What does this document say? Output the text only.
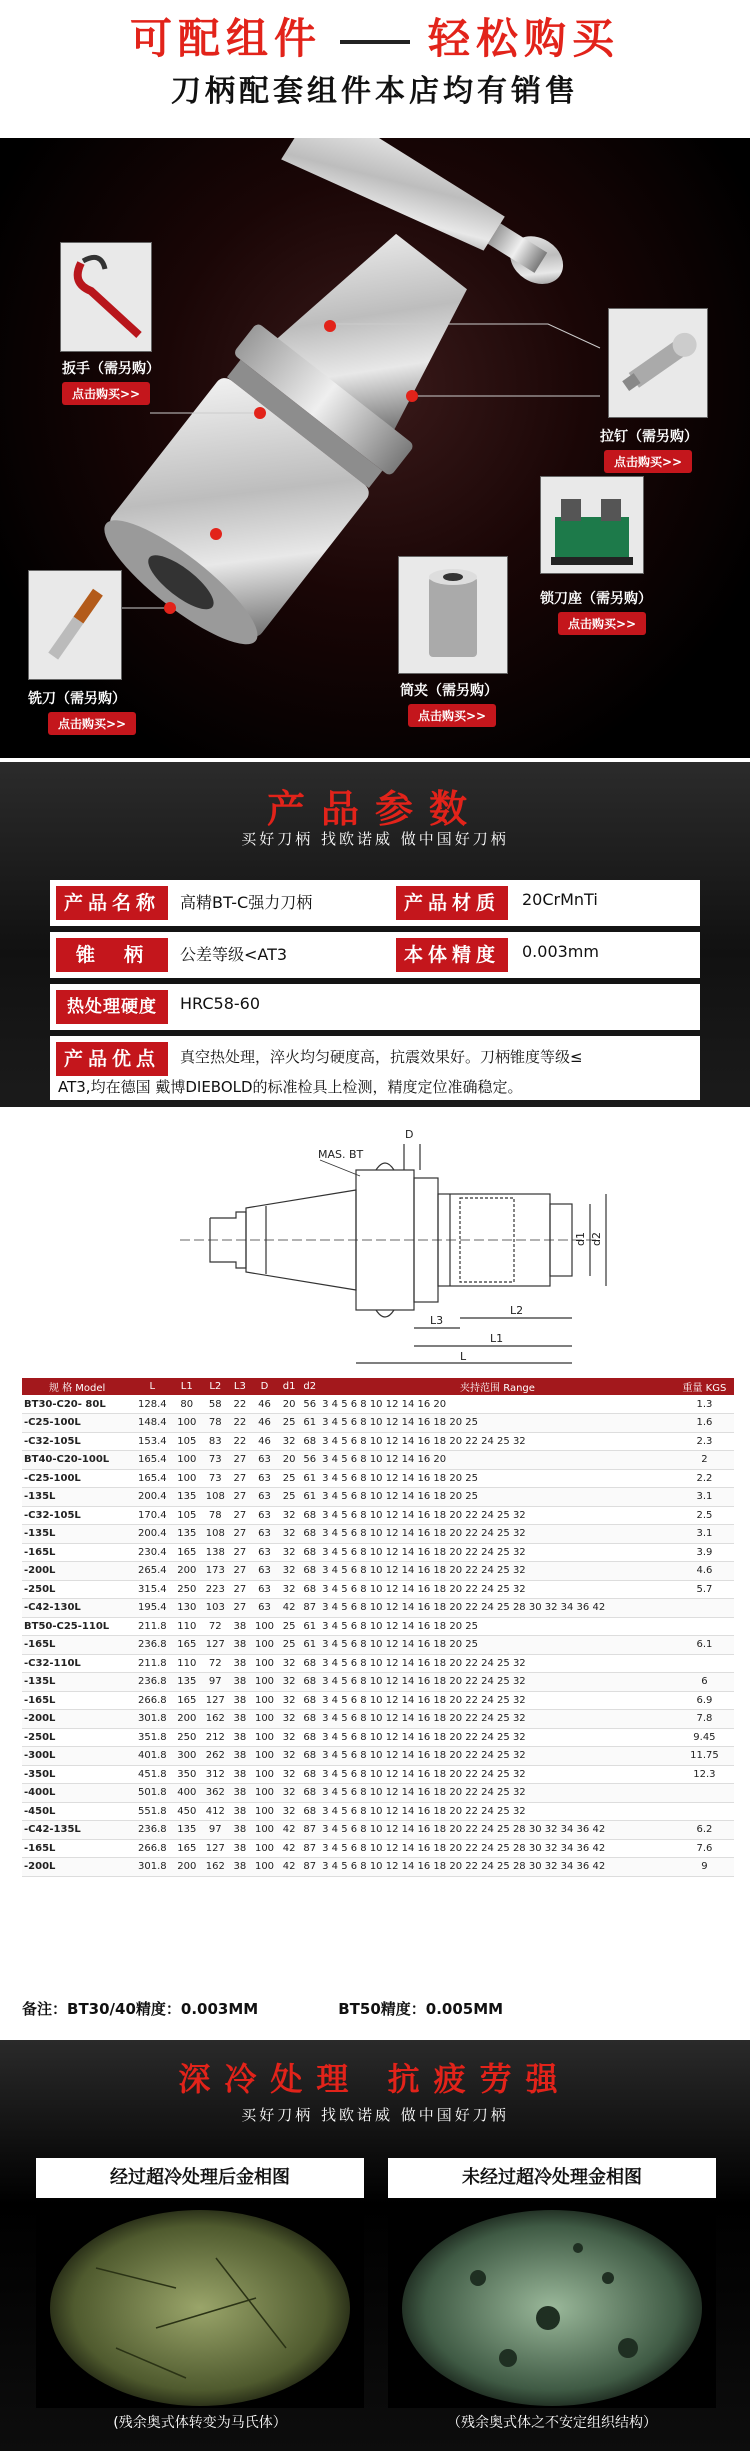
可配组件	轻松购买
刀柄配套组件本店均有销售
扳手（需另购）
点击购买>>
拉钉（需另购）
点击购买>>
锁刀座（需另购）
点击购买>>
铣刀（需另购）
点击购买>>
筒夹（需另购）
点击购买>>
产品参数
买好刀柄 找欧诺威 做中国好刀柄
产品名称	高精BT-C强力刀柄	产品材质	20CrMnTi
锥　柄	公差等级<AT3	本体精度	0.003mm
热处理硬度	HRC58-60
产品优点	真空热处理，淬火均匀硬度高，抗震效果好。刀柄锥度等级≤
AT3,均在德国 戴博DIEBOLD的标准检具上检测，精度定位准确稳定。
MAS. BT
D
d1 d2
L3
L2
L1
L
规 格 Model	L	L1	L2	L3	D	d1	d2	夹持范围 Range	重量 KGS
BT30-C20- 80L	128.4	80	58	22	46	20	56	3 4 5 6 8 10 12 14 16 20	1.3
-C25-100L	148.4	100	78	22	46	25	61	3 4 5 6 8 10 12 14 16 18 20 25	1.6
-C32-105L	153.4	105	83	22	46	32	68	3 4 5 6 8 10 12 14 16 18 20 22 24 25 32	2.3
BT40-C20-100L	165.4	100	73	27	63	20	56	3 4 5 6 8 10 12 14 16 20	2
-C25-100L	165.4	100	73	27	63	25	61	3 4 5 6 8 10 12 14 16 18 20 25	2.2
-135L	200.4	135	108	27	63	25	61	3 4 5 6 8 10 12 14 16 18 20 25	3.1
-C32-105L	170.4	105	78	27	63	32	68	3 4 5 6 8 10 12 14 16 18 20 22 24 25 32	2.5
-135L	200.4	135	108	27	63	32	68	3 4 5 6 8 10 12 14 16 18 20 22 24 25 32	3.1
-165L	230.4	165	138	27	63	32	68	3 4 5 6 8 10 12 14 16 18 20 22 24 25 32	3.9
-200L	265.4	200	173	27	63	32	68	3 4 5 6 8 10 12 14 16 18 20 22 24 25 32	4.6
-250L	315.4	250	223	27	63	32	68	3 4 5 6 8 10 12 14 16 18 20 22 24 25 32	5.7
-C42-130L	195.4	130	103	27	63	42	87	3 4 5 6 8 10 12 14 16 18 20 22 24 25 28 30 32 34 36 42	
BT50-C25-110L	211.8	110	72	38	100	25	61	3 4 5 6 8 10 12 14 16 18 20 25	
-165L	236.8	165	127	38	100	25	61	3 4 5 6 8 10 12 14 16 18 20 25	6.1
-C32-110L	211.8	110	72	38	100	32	68	3 4 5 6 8 10 12 14 16 18 20 22 24 25 32	
-135L	236.8	135	97	38	100	32	68	3 4 5 6 8 10 12 14 16 18 20 22 24 25 32	6
-165L	266.8	165	127	38	100	32	68	3 4 5 6 8 10 12 14 16 18 20 22 24 25 32	6.9
-200L	301.8	200	162	38	100	32	68	3 4 5 6 8 10 12 14 16 18 20 22 24 25 32	7.8
-250L	351.8	250	212	38	100	32	68	3 4 5 6 8 10 12 14 16 18 20 22 24 25 32	9.45
-300L	401.8	300	262	38	100	32	68	3 4 5 6 8 10 12 14 16 18 20 22 24 25 32	11.75
-350L	451.8	350	312	38	100	32	68	3 4 5 6 8 10 12 14 16 18 20 22 24 25 32	12.3
-400L	501.8	400	362	38	100	32	68	3 4 5 6 8 10 12 14 16 18 20 22 24 25 32	
-450L	551.8	450	412	38	100	32	68	3 4 5 6 8 10 12 14 16 18 20 22 24 25 32	
-C42-135L	236.8	135	97	38	100	42	87	3 4 5 6 8 10 12 14 16 18 20 22 24 25 28 30 32 34 36 42	6.2
-165L	266.8	165	127	38	100	42	87	3 4 5 6 8 10 12 14 16 18 20 22 24 25 28 30 32 34 36 42	7.6
-200L	301.8	200	162	38	100	42	87	3 4 5 6 8 10 12 14 16 18 20 22 24 25 28 30 32 34 36 42	9
备注：BT30/40精度：0.003MM	BT50精度：0.005MM
深冷处理 抗疲劳强
买好刀柄 找欧诺威 做中国好刀柄
经过超冷处理后金相图	未经过超冷处理金相图
(残余奥式体转变为马氏体）	（残余奥式体之不安定组织结构）
